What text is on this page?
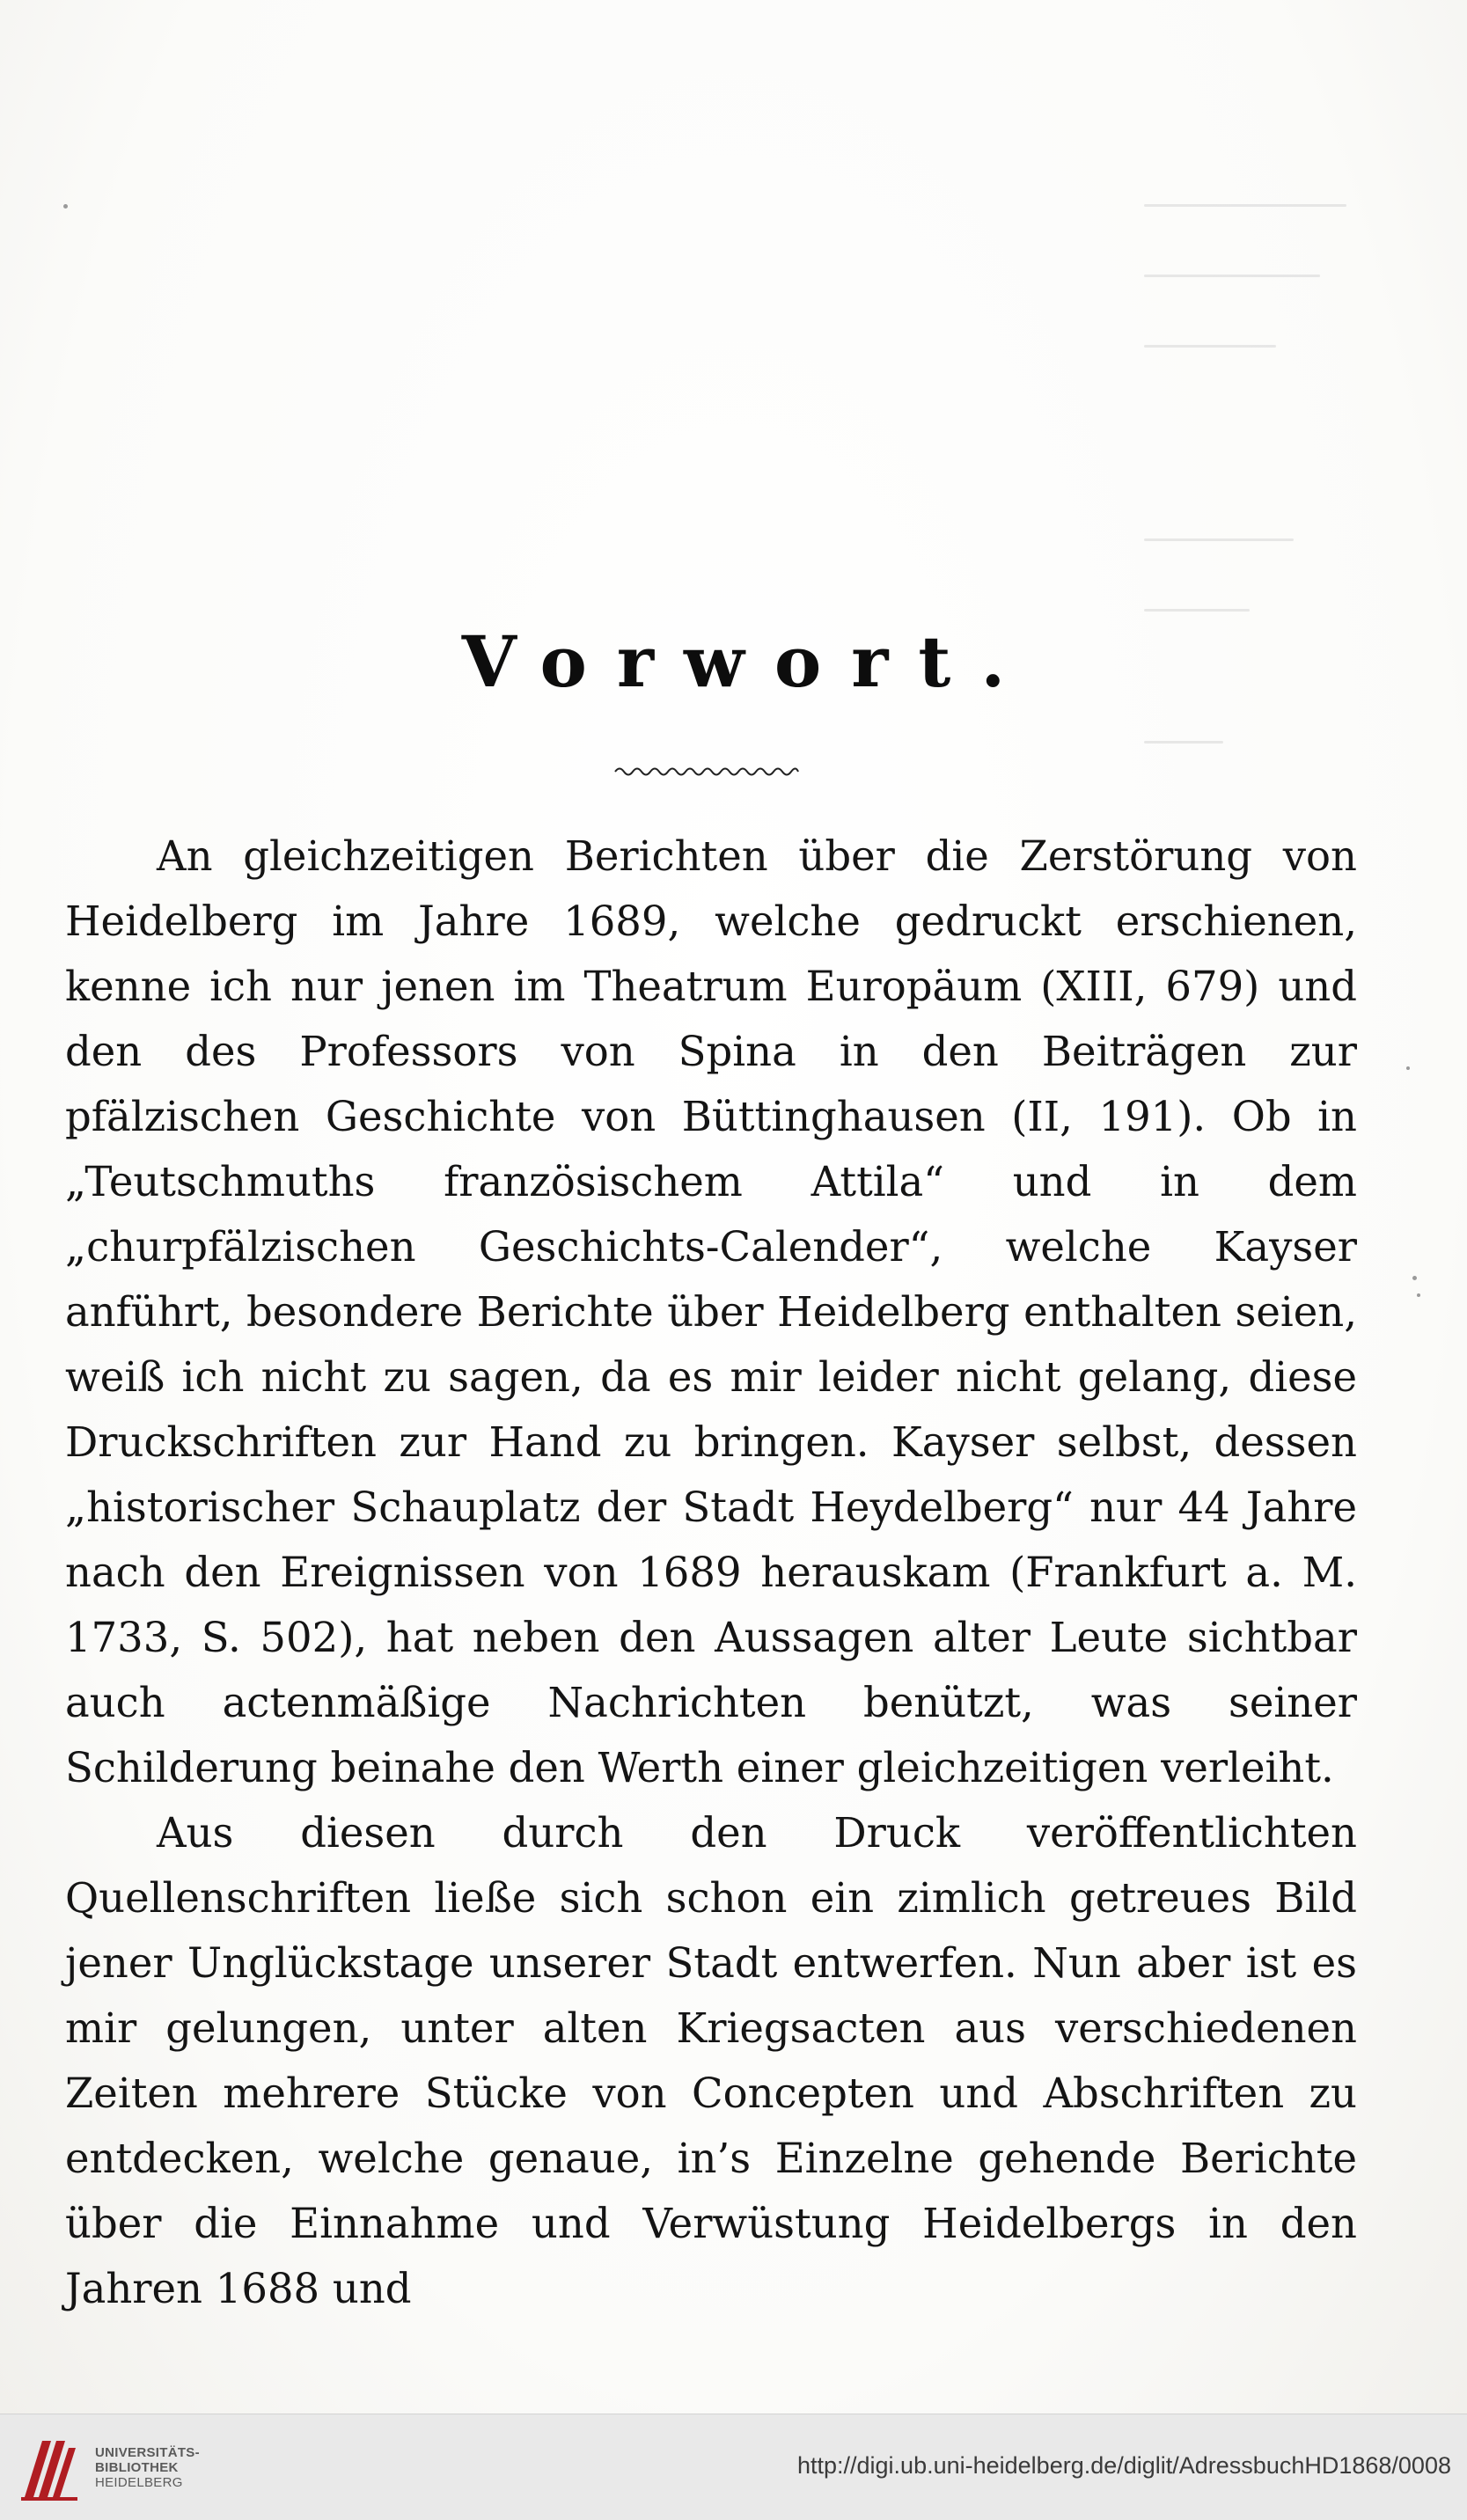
Vorwort.

An gleichzeitigen Berichten über die Zerstörung von Heidelberg im Jahre 1689, welche gedruckt erschienen, kenne ich nur jenen im Theatrum Europäum (XIII, 679) und den des Professors von Spina in den Beiträgen zur pfälzischen Geschichte von Büttinghausen (II, 191). Ob in „Teutschmuths französischem Attila“ und in dem „churpfälzischen Geschichts-Calender“, welche Kayser anführt, besondere Berichte über Heidelberg enthalten seien, weiß ich nicht zu sagen, da es mir leider nicht gelang, diese Druckschriften zur Hand zu bringen. Kayser selbst, dessen „historischer Schauplatz der Stadt Heydelberg“ nur 44 Jahre nach den Ereignissen von 1689 herauskam (Frankfurt a. M. 1733, S. 502), hat neben den Aussagen alter Leute sichtbar auch actenmäßige Nachrichten benützt, was seiner Schilderung beinahe den Werth einer gleichzeitigen verleiht.

Aus diesen durch den Druck veröffentlichten Quellenschriften ließe sich schon ein zimlich getreues Bild jener Unglückstage unserer Stadt entwerfen. Nun aber ist es mir gelungen, unter alten Kriegsacten aus verschiedenen Zeiten mehrere Stücke von Concepten und Abschriften zu entdecken, welche genaue, in’s Einzelne gehende Berichte über die Einnahme und Verwüstung Heidelbergs in den Jahren 1688 und

UNIVERSITÄTS-
BIBLIOTHEK
HEIDELBERG
http://digi.ub.uni-heidelberg.de/diglit/AdressbuchHD1868/0008
